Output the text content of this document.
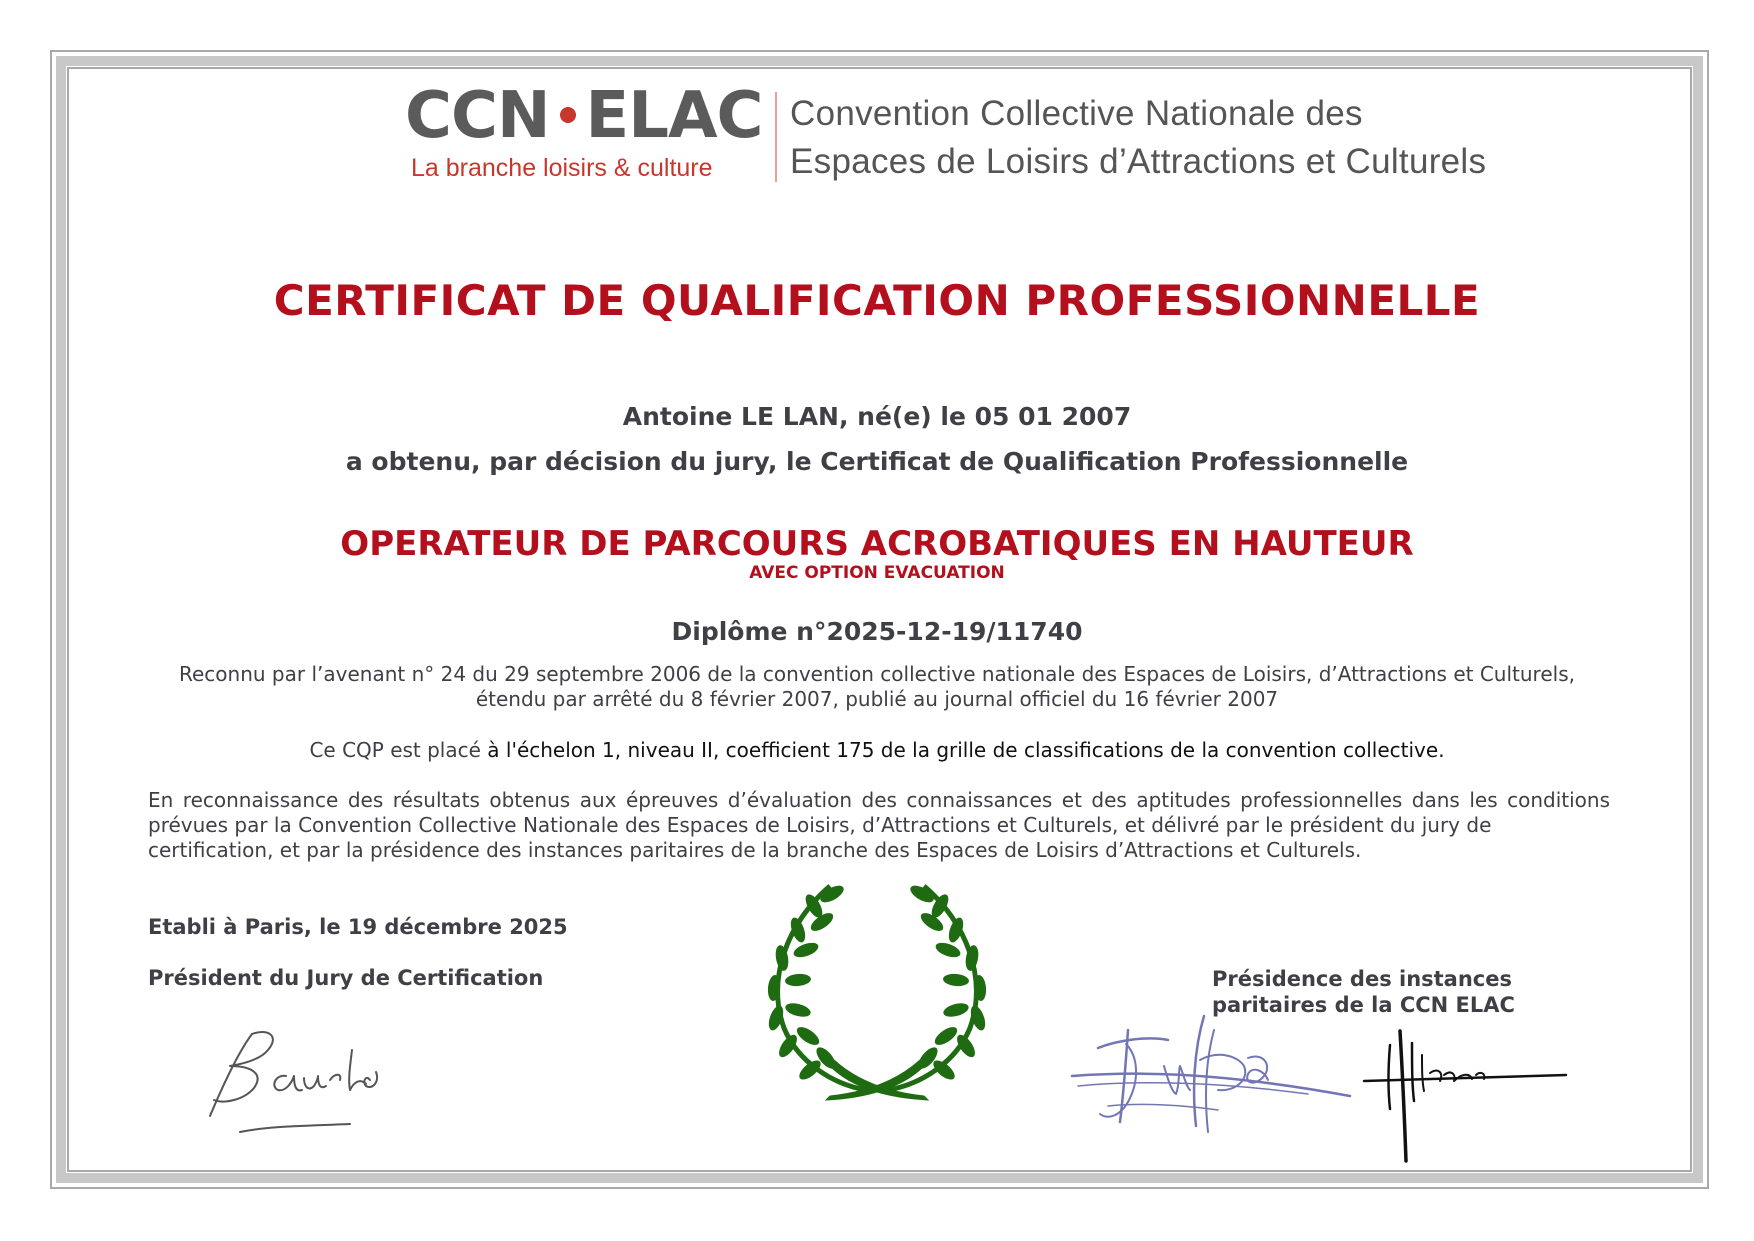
CCN ELAC
La branche loisirs & culture
Convention Collective Nationale des
Espaces de Loisirs d’Attractions et Culturels
CERTIFICAT DE QUALIFICATION PROFESSIONNELLE
Antoine LE LAN, né(e) le 05 01 2007
a obtenu, par décision du jury, le Certificat de Qualification Professionnelle
OPERATEUR DE PARCOURS ACROBATIQUES EN HAUTEUR
AVEC OPTION EVACUATION
Diplôme n°2025-12-19/11740
Reconnu par l’avenant n° 24 du 29 septembre 2006 de la convention collective nationale des Espaces de Loisirs, d’Attractions et Culturels,
étendu par arrêté du 8 février 2007, publié au journal officiel du 16 février 2007
Ce CQP est placé à l'échelon 1, niveau II, coefficient 175 de la grille de classifications de la convention collective.
En reconnaissance des résultats obtenus aux épreuves d’évaluation des connaissances et des aptitudes professionnelles dans les conditions prévues par la Convention Collective Nationale des Espaces de Loisirs, d’Attractions et Culturels, et délivré par le président du jury de
certification, et par la présidence des instances paritaires de la branche des Espaces de Loisirs d’Attractions et Culturels.
Etabli à Paris, le 19 décembre 2025
Président du Jury de Certification	Présidence des instances
paritaires de la CCN ELAC
